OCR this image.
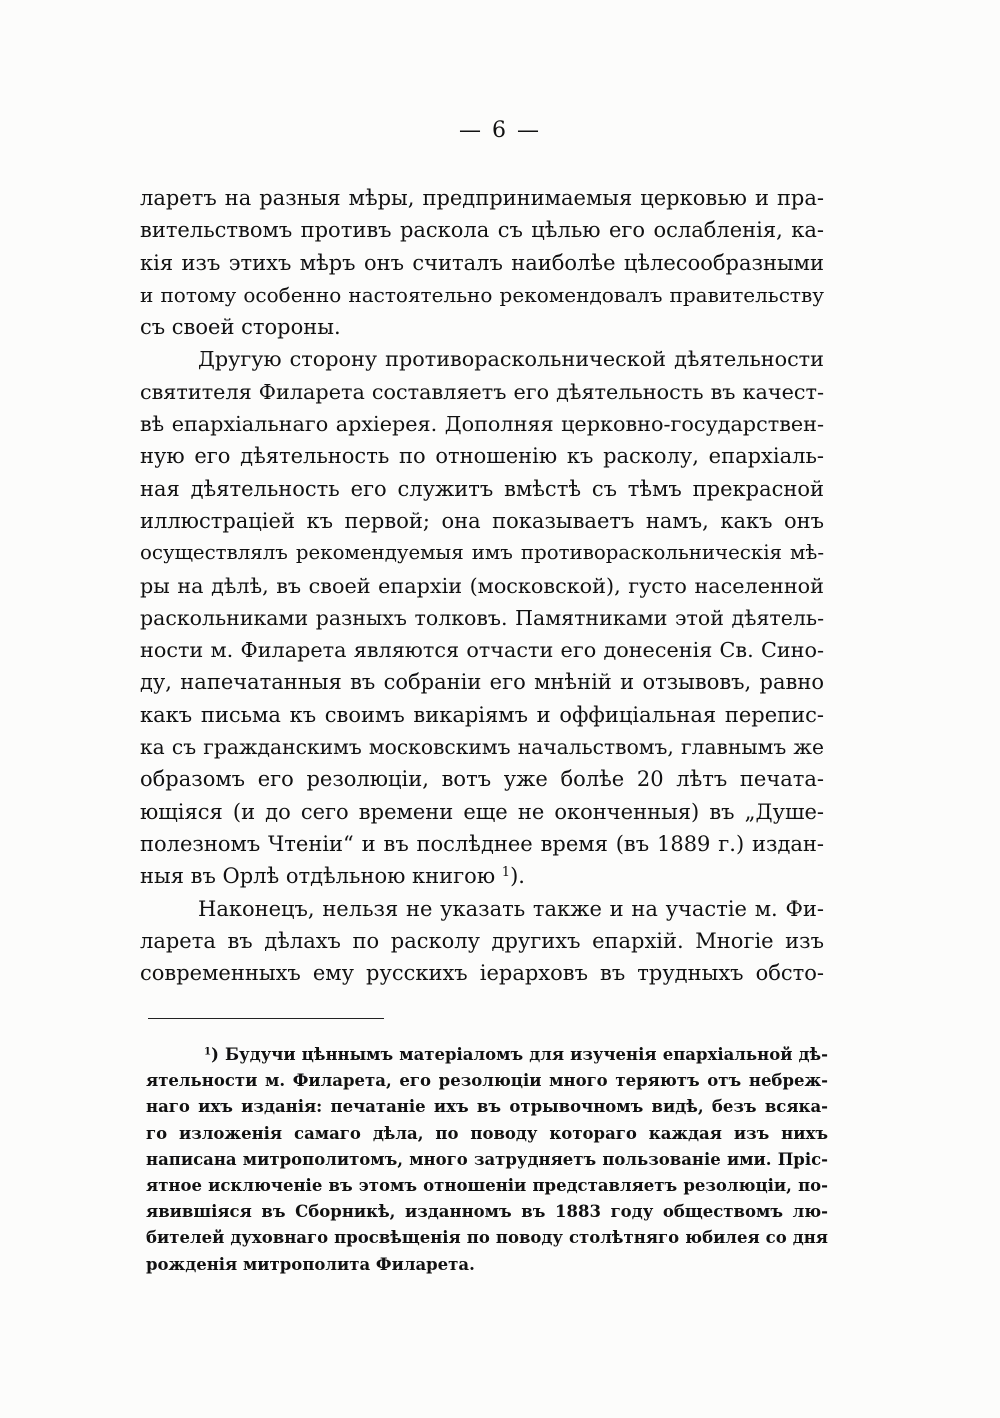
— 6 —
ларетъ на разныя мѣры, предпринимаемыя церковью и пра-
вительствомъ противъ раскола съ цѣлью его ослабленія, ка-
кія изъ этихъ мѣръ онъ считалъ наиболѣе цѣлесообразными
и потому особенно настоятельно рекомендовалъ правительству
съ своей стороны.
Другую сторону противораскольнической дѣятельности
святителя Филарета составляетъ его дѣятельность въ качест-
вѣ епархіальнаго архіерея. Дополняя церковно-государствен-
ную его дѣятельность по отношенію къ расколу, епархіаль-
ная дѣятельность его служитъ вмѣстѣ съ тѣмъ прекрасной
иллюстраціей къ первой; она показываетъ намъ, какъ онъ
осуществлялъ рекомендуемыя имъ противораскольническія мѣ-
ры на дѣлѣ, въ своей епархіи (московской), густо населенной
раскольниками разныхъ толковъ. Памятниками этой дѣятель-
ности м. Филарета являются отчасти его донесенія Св. Сино-
ду, напечатанныя въ собраніи его мнѣній и отзывовъ, равно
какъ письма къ своимъ викаріямъ и оффиціальная перепис-
ка съ гражданскимъ московскимъ начальствомъ, главнымъ же
образомъ его резолюціи, вотъ уже болѣе 20 лѣтъ печата-
ющіяся (и до сего времени еще не оконченныя) въ „Душе-
полезномъ Чтеніи“ и въ послѣднее время (въ 1889 г.) издан-
ныя въ Орлѣ отдѣльною книгою $^1$).
Наконецъ, нельзя не указать также и на участіе м. Фи-
ларета въ дѣлахъ по расколу другихъ епархій. Многіе изъ
современныхъ ему русскихъ іерарховъ въ трудныхъ обсто-
$^1$) Будучи цѣннымъ матеріаломъ для изученія епархіальной дѣ-
ятельности м. Филарета, его резолюціи много теряютъ отъ небреж-
наго ихъ изданія: печатаніе ихъ въ отрывочномъ видѣ, безъ всяка-
го изложенія самаго дѣла, по поводу котораго каждая изъ нихъ
написана митрополитомъ, много затрудняетъ пользованіе ими. Пріс-
ятное исключеніе въ этомъ отношеніи представляетъ резолюціи, по-
явившіяся въ Сборникѣ, изданномъ въ 1883 году обществомъ лю-
бителей духовнаго просвѣщенія по поводу столѣтняго юбилея со дня
рожденія митрополита Филарета.
